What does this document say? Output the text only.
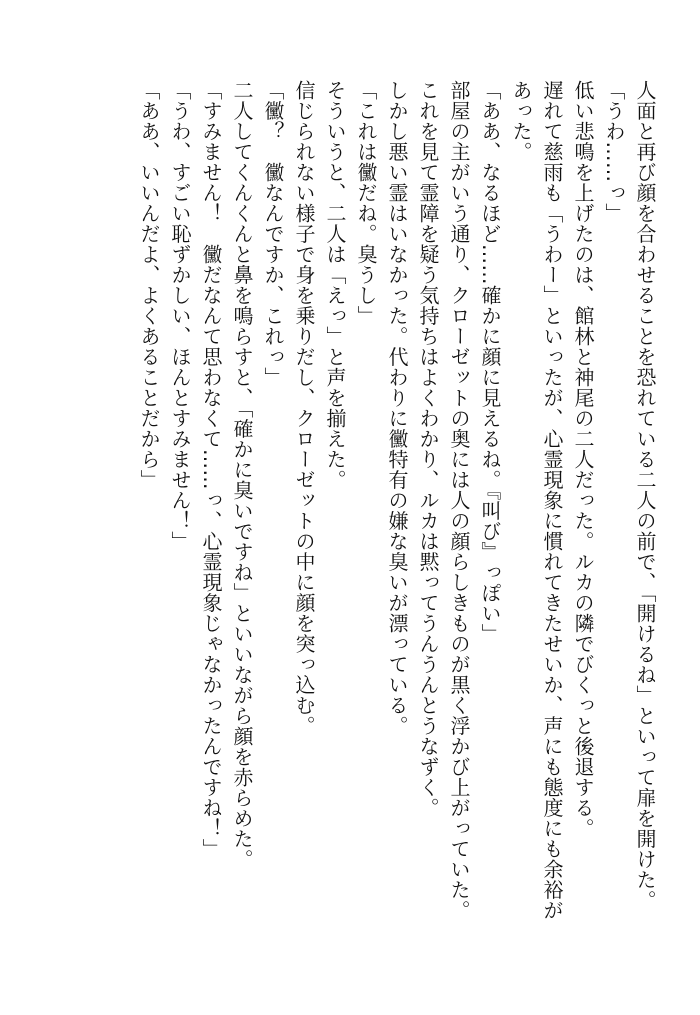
人面と再び顔を合わせることを恐れている二人の前で、「開けるね」といって扉を開けた。
「うわ……っ」
低い悲鳴を上げたのは、館林と神尾の二人だった。ルカの隣でびくっと後退する。
遅れて慈雨も「うわー」といったが、心霊現象に慣れてきたせいか、声にも態度にも余裕が
あった。
「ああ、なるほど……確かに顔に見えるね。『叫び』っぽい」
部屋の主がいう通り、クローゼットの奥には人の顔らしきものが黒く浮かび上がっていた。
これを見て霊障を疑う気持ちはよくわかり、ルカは黙ってうんうんとうなずく。
しかし悪い霊はいなかった。代わりに黴特有の嫌な臭いが漂っている。
「これは黴だね。臭うし」
そういうと、二人は「えっ」と声を揃えた。
信じられない様子で身を乗りだし、クローゼットの中に顔を突っ込む。
「黴？　黴なんですか、これっ」
二人してくんくんと鼻を鳴らすと、「確かに臭いですね」といいながら顔を赤らめた。
「すみません！　黴だなんて思わなくて……っ、心霊現象じゃなかったんですね！」
「うわ、すごい恥ずかしい、ほんとすみません！」
「ああ、いいんだよ、よくあることだから」
